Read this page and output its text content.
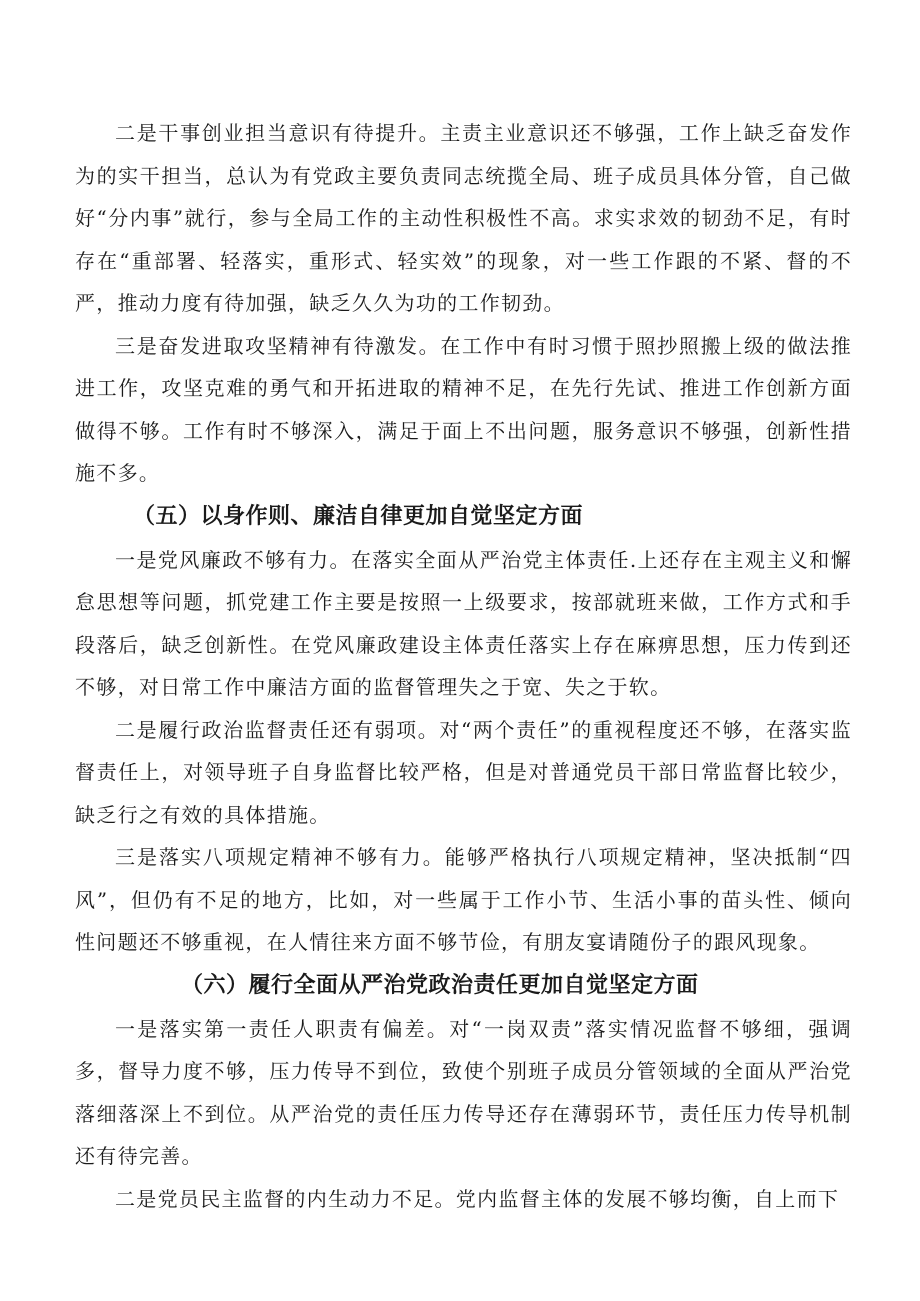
二是干事创业担当意识有待提升。主责主业意识还不够强，工作上缺乏奋发作为的实干担当，总认为有党政主要负责同志统揽全局、班子成员具体分管，自己做好“分内事”就行，参与全局工作的主动性积极性不高。求实求效的韧劲不足，有时存在“重部署、轻落实，重形式、轻实效”的现象，对一些工作跟的不紧、督的不严，推动力度有待加强，缺乏久久为功的工作韧劲。

三是奋发进取攻坚精神有待激发。在工作中有时习惯于照抄照搬上级的做法推进工作，攻坚克难的勇气和开拓进取的精神不足，在先行先试、推进工作创新方面做得不够。工作有时不够深入，满足于面上不出问题，服务意识不够强，创新性措施不多。

（五）以身作则、廉洁自律更加自觉坚定方面

一是党风廉政不够有力。在落实全面从严治党主体责任.上还存在主观主义和懈怠思想等问题，抓党建工作主要是按照一上级要求，按部就班来做，工作方式和手段落后，缺乏创新性。在党风廉政建设主体责任落实上存在麻痹思想，压力传到还不够，对日常工作中廉洁方面的监督管理失之于宽、失之于软。

二是履行政治监督责任还有弱项。对“两个责任”的重视程度还不够，在落实监督责任上，对领导班子自身监督比较严格，但是对普通党员干部日常监督比较少，缺乏行之有效的具体措施。

三是落实八项规定精神不够有力。能够严格执行八项规定精神，坚决抵制“四风”，但仍有不足的地方，比如，对一些属于工作小节、生活小事的苗头性、倾向性问题还不够重视，在人情往来方面不够节俭，有朋友宴请随份子的跟风现象。

（六）履行全面从严治党政治责任更加自觉坚定方面

一是落实第一责任人职责有偏差。对“一岗双责”落实情况监督不够细，强调多，督导力度不够，压力传导不到位，致使个别班子成员分管领域的全面从严治党落细落深上不到位。从严治党的责任压力传导还存在薄弱环节，责任压力传导机制还有待完善。

二是党员民主监督的内生动力不足。党内监督主体的发展不够均衡，自上而下
